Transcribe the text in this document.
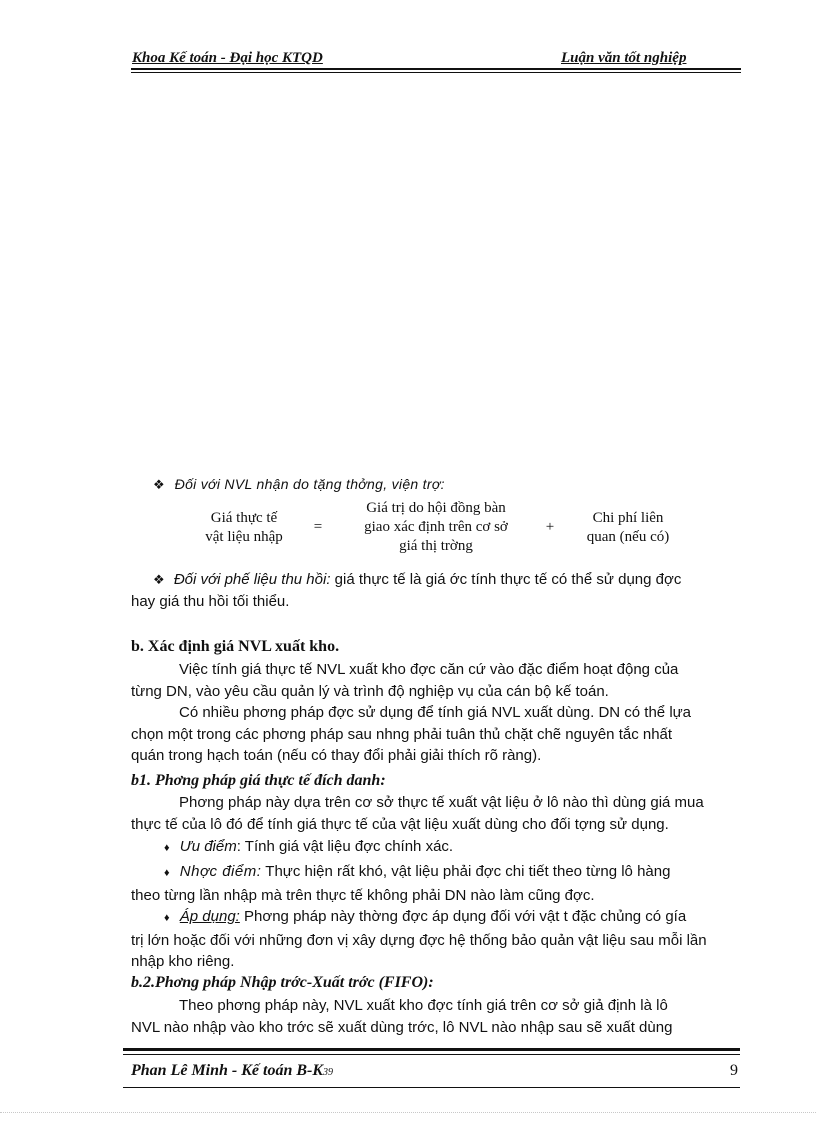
Khoa Kế toán - Đại học KTQD	Luận văn tốt nghiệp
❖ Đối với NVL nhận do tặng thởng, viện trợ:
Giá thực tế
vật liệu nhập
=
Giá trị do hội đồng bàn
giao xác định trên cơ sở
giá thị trờng
+
Chi phí liên
quan (nếu có)
❖ Đối với phế liệu thu hồi: giá thực tế là giá ớc tính thực tế có thể sử dụng đợc
hay giá thu hồi tối thiểu.
b. Xác định giá NVL xuất kho.
Việc tính giá thực tế NVL xuất kho đợc căn cứ vào đặc điểm hoạt động của
từng DN, vào yêu cầu quản lý và trình độ nghiệp vụ của cán bộ kế toán.
Có nhiều phơng pháp đợc sử dụng để tính giá NVL xuất dùng. DN có thể lựa
chọn một trong các phơng pháp sau nhng phải tuân thủ chặt chẽ nguyên tắc nhất
quán trong hạch toán (nếu có thay đổi phải giải thích rõ ràng).
b1. Phơng pháp giá thực tế đích danh:
Phơng pháp này dựa trên cơ sở thực tế xuất vật liệu ở lô nào thì dùng giá mua
thực tế của lô đó để tính giá thực tế của vật liệu xuất dùng cho đối tợng sử dụng.
♦ Ưu điểm: Tính giá vật liệu đợc chính xác.
♦ Nhợc điểm: Thực hiện rất khó, vật liệu phải đợc chi tiết theo từng lô hàng
theo từng lần nhập mà trên thực tế không phải DN nào làm cũng đợc.
♦ Áp dụng: Phơng pháp này thờng đợc áp dụng đối với vật t đặc chủng có gía
trị lớn hoặc đối với những đơn vị xây dựng đợc hệ thống bảo quản vật liệu sau mỗi lần
nhập kho riêng.
b.2.Phơng pháp Nhập trớc-Xuất trớc (FIFO):
Theo phơng pháp này, NVL xuất kho đợc tính giá trên cơ sở giả định là lô
NVL nào nhập vào kho trớc sẽ xuất dùng trớc, lô NVL nào nhập sau sẽ xuất dùng
Phan Lê Minh - Kế toán B-K39	9
